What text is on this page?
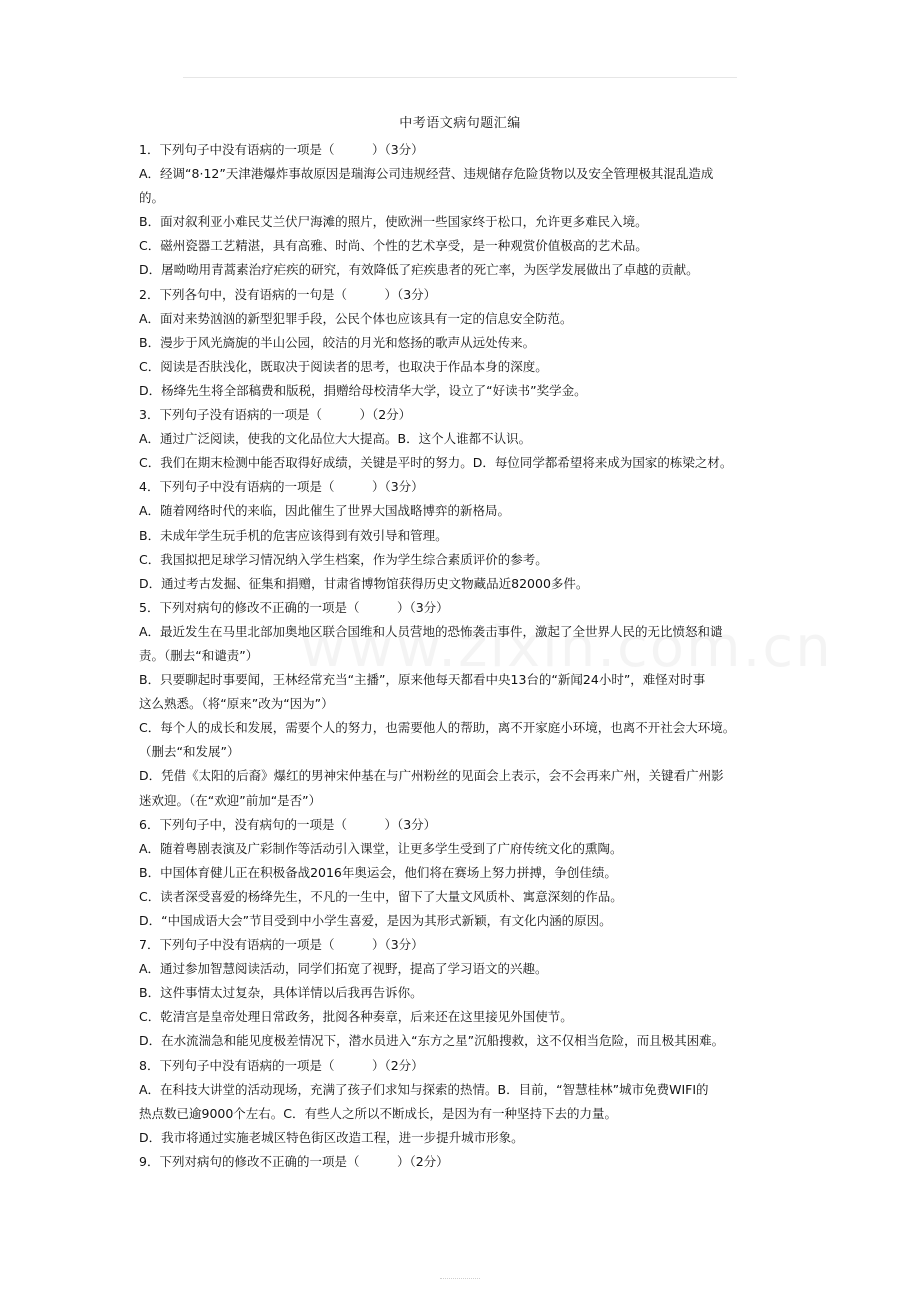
中考语文病句题汇编
1．下列句子中没有语病的一项是（　　　）（3分）
A．经调“8·12”天津港爆炸事故原因是瑞海公司违规经营、违规储存危险货物以及安全管理极其混乱造成
的。
B．面对叙利亚小难民艾兰伏尸海滩的照片，使欧洲一些国家终于松口，允许更多难民入境。
C．磁州瓷器工艺精湛，具有高雅、时尚、个性的艺术享受，是一种观赏价值极高的艺术品。
D．屠呦呦用青蒿素治疗疟疾的研究，有效降低了疟疾患者的死亡率，为医学发展做出了卓越的贡献。
2．下列各句中，没有语病的一句是（　　　）（3分）
A．面对来势汹汹的新型犯罪手段，公民个体也应该具有一定的信息安全防范。
B．漫步于风光旖旎的半山公园，皎洁的月光和悠扬的歌声从远处传来。
C．阅读是否肤浅化，既取决于阅读者的思考，也取决于作品本身的深度。
D．杨绛先生将全部稿费和版税，捐赠给母校清华大学，设立了“好读书”奖学金。
3．下列句子没有语病的一项是（　　　）（2分）
A．通过广泛阅读，使我的文化品位大大提高。B．这个人谁都不认识。
C．我们在期末检测中能否取得好成绩，关键是平时的努力。D．每位同学都希望将来成为国家的栋梁之材。
4．下列句子中没有语病的一项是（　　　）（3分）
A．随着网络时代的来临，因此催生了世界大国战略博弈的新格局。
B．未成年学生玩手机的危害应该得到有效引导和管理。
C．我国拟把足球学习情况纳入学生档案，作为学生综合素质评价的参考。
D．通过考古发掘、征集和捐赠，甘肃省博物馆获得历史文物藏品近82000多件。
5．下列对病句的修改不正确的一项是（　　　）（3分）
A．最近发生在马里北部加奥地区联合国维和人员营地的恐怖袭击事件，激起了全世界人民的无比愤怒和谴
责。（删去“和谴责”）
B．只要聊起时事要闻，王林经常充当“主播”，原来他每天都看中央13台的“新闻24小时”，难怪对时事
这么熟悉。（将“原来”改为“因为”）
C．每个人的成长和发展，需要个人的努力，也需要他人的帮助，离不开家庭小环境，也离不开社会大环境。
（删去“和发展”）
D．凭借《太阳的后裔》爆红的男神宋仲基在与广州粉丝的见面会上表示，会不会再来广州，关键看广州影
迷欢迎。（在“欢迎”前加“是否”）
6．下列句子中，没有病句的一项是（　　　）（3分）
A．随着粤剧表演及广彩制作等活动引入课堂，让更多学生受到了广府传统文化的熏陶。
B．中国体育健儿正在积极备战2016年奥运会，他们将在赛场上努力拼搏，争创佳绩。
C．读者深受喜爱的杨绛先生，不凡的一生中，留下了大量文风质朴、寓意深刻的作品。
D．“中国成语大会”节目受到中小学生喜爱，是因为其形式新颖，有文化内涵的原因。
7．下列句子中没有语病的一项是（　　　）（3分）
A．通过参加智慧阅读活动，同学们拓宽了视野，提高了学习语文的兴趣。
B．这件事情太过复杂，具体详情以后我再告诉你。
C．乾清宫是皇帝处理日常政务，批阅各种奏章，后来还在这里接见外国使节。
D．在水流湍急和能见度极差情况下，潜水员进入“东方之星”沉船搜救，这不仅相当危险，而且极其困难。
8．下列句子中没有语病的一项是（　　　）（2分）
A．在科技大讲堂的活动现场，充满了孩子们求知与探索的热情。B．目前，“智慧桂林”城市免费WIFI的
热点数已逾9000个左右。C．有些人之所以不断成长，是因为有一种坚持下去的力量。
D．我市将通过实施老城区特色街区改造工程，进一步提升城市形象。
9．下列对病句的修改不正确的一项是（　　　）（2分）
